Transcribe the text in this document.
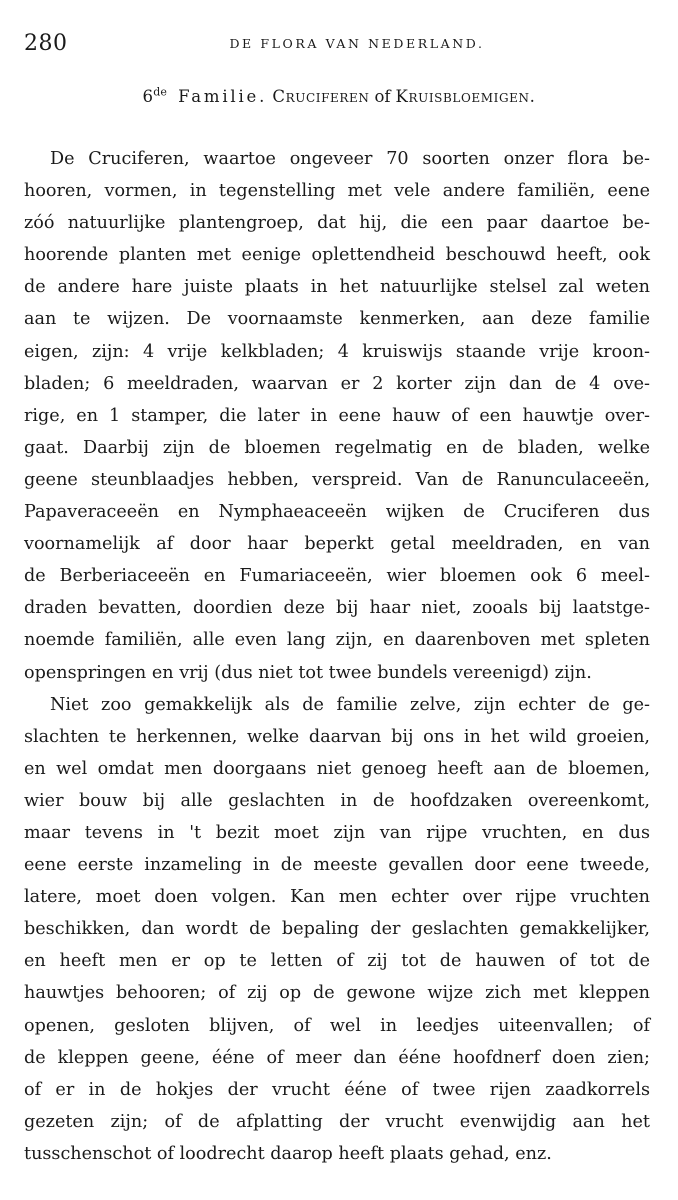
280	DE FLORA VAN NEDERLAND.
6de Familie. Cruciferen of Kruisbloemigen.
De Cruciferen, waartoe ongeveer 70 soorten onzer flora be-
hooren, vormen, in tegenstelling met vele andere familiën, eene
zóó natuurlijke plantengroep, dat hij, die een paar daartoe be-
hoorende planten met eenige oplettendheid beschouwd heeft, ook
de andere hare juiste plaats in het natuurlijke stelsel zal weten
aan te wijzen. De voornaamste kenmerken, aan deze familie
eigen, zijn: 4 vrije kelkbladen; 4 kruiswijs staande vrije kroon-
bladen; 6 meeldraden, waarvan er 2 korter zijn dan de 4 ove-
rige, en 1 stamper, die later in eene hauw of een hauwtje over-
gaat. Daarbij zijn de bloemen regelmatig en de bladen, welke
geene steunblaadjes hebben, verspreid. Van de Ranunculaceeën,
Papaveraceeën en Nymphaeaceeën wijken de Cruciferen dus
voornamelijk af door haar beperkt getal meeldraden, en van
de Berberiaceeën en Fumariaceeën, wier bloemen ook 6 meel-
draden bevatten, doordien deze bij haar niet, zooals bij laatstge-
noemde familiën, alle even lang zijn, en daarenboven met spleten
openspringen en vrij (dus niet tot twee bundels vereenigd) zijn.
Niet zoo gemakkelijk als de familie zelve, zijn echter de ge-
slachten te herkennen, welke daarvan bij ons in het wild groeien,
en wel omdat men doorgaans niet genoeg heeft aan de bloemen,
wier bouw bij alle geslachten in de hoofdzaken overeenkomt,
maar tevens in 't bezit moet zijn van rijpe vruchten, en dus
eene eerste inzameling in de meeste gevallen door eene tweede,
latere, moet doen volgen. Kan men echter over rijpe vruchten
beschikken, dan wordt de bepaling der geslachten gemakkelijker,
en heeft men er op te letten of zij tot de hauwen of tot de
hauwtjes behooren; of zij op de gewone wijze zich met kleppen
openen, gesloten blijven, of wel in leedjes uiteenvallen; of
de kleppen geene, ééne of meer dan ééne hoofdnerf doen zien;
of er in de hokjes der vrucht ééne of twee rijen zaadkorrels
gezeten zijn; of de afplatting der vrucht evenwijdig aan het
tusschenschot of loodrecht daarop heeft plaats gehad, enz.
